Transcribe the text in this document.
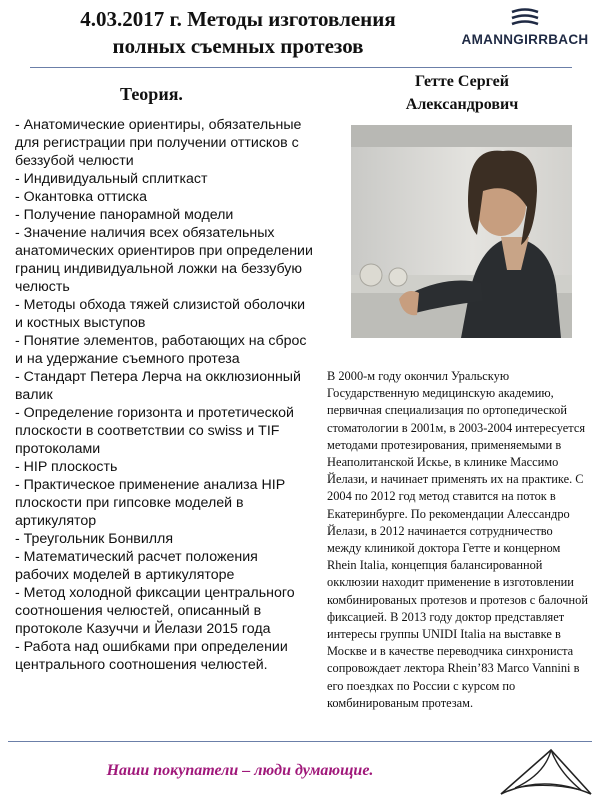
4.03.2017 г. Методы изготовления
полных съемных протезов	AMANNGIRRBACH
Теория.
- Анатомические ориентиры, обязательные для регистрации при получении оттисков с беззубой челюсти
- Индивидуальный сплиткаст
- Окантовка оттиска
- Получение панорамной модели
- Значение наличия всех обязательных анатомических ориентиров при определении границ индивидуальной ложки на беззубую челюсть
- Методы обхода тяжей слизистой оболочки и костных выступов
- Понятие элементов, работающих на сброс и на удержание съемного протеза
- Стандарт Петера Лерча на окклюзионный валик
- Определение горизонта и протетической плоскости в соответствии со swiss и TIF протоколами
- HIP плоскость
- Практическое применение анализа HIP плоскости при гипсовке моделей в артикулятор
- Треугольник Бонвилля
- Математический расчет положения рабочих моделей в артикуляторе
- Метод холодной фиксации центрального соотношения челюстей, описанный в протоколе Казуччи и Йелази 2015 года
- Работа над ошибками при определении центрального соотношения челюстей.
Гетте Сергей
Александрович

В 2000-м году окончил Уральскую Государственную медицинскую академию, первичная специализация по ортопедической стоматологии в 2001м, в 2003-2004 интересуется методами протезирования, применяемыми в Неаполитанской Искье, в клинике Массимо Йелази, и начинает применять их на практике. С 2004 по 2012 год метод ставится на поток в Екатеринбурге. По рекомендации Алессандро Йелази, в 2012 начинается сотрудничество между клиникой доктора Гетте и концерном Rhein Italia, концепция балансированной окклюзии находит применение в изготовлении комбинированых протезов и протезов с балочной фиксацией. В 2013 году доктор представляет интересы группы UNIDI Italia на выставке в Москве и в качестве переводчика синхрониста сопровождает лектора Rhein’83 Marco Vannini в его поездках по России с курсом по комбинированым протезам.

Наши покупатели – люди думающие.
